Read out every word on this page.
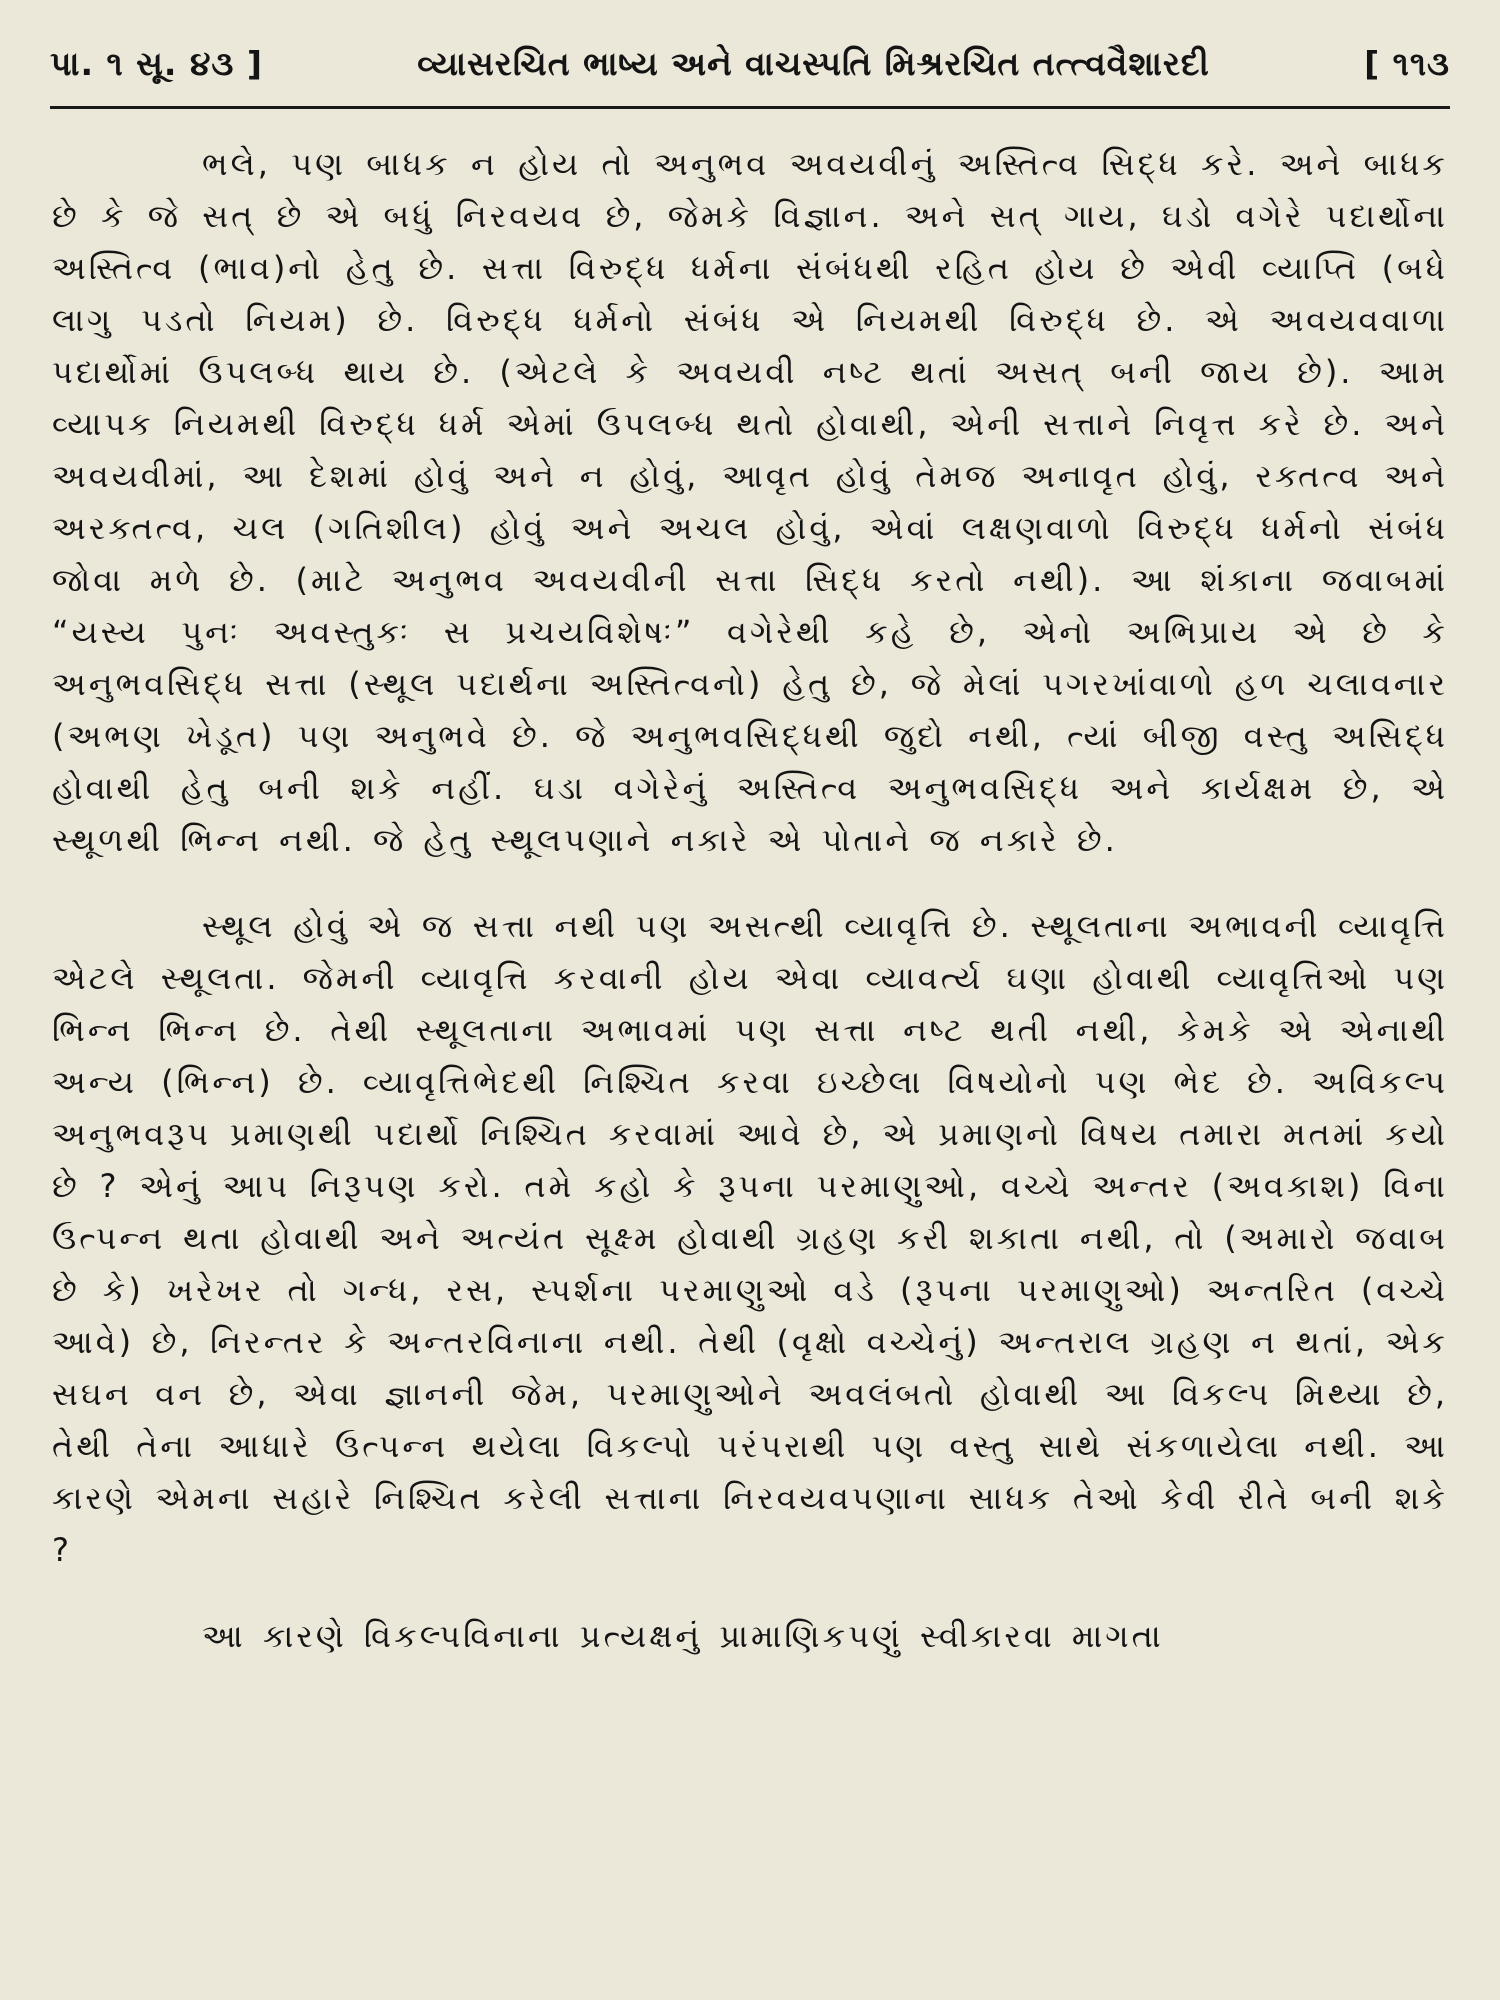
પા. ૧ સૂ. ૪૩ ]	વ્યાસરચિત ભાષ્ય અને વાચસ્પતિ મિશ્રરચિત તત્ત્વવૈશારદી	[ ૧૧૩

ભલે, પણ બાધક ન હોય તો અનુભવ અવયવીનું અસ્તિત્વ સિદ્ધ કરે. અને બાધક છે કે જે સત્ છે એ બધું નિરવયવ છે, જેમકે વિજ્ઞાન. અને સત્ ગાય, ઘડો વગેરે પદાર્થોના અસ્તિત્વ (ભાવ)નો હેતુ છે. સત્તા વિરુદ્ધ ધર્મના સંબંધથી રહિત હોય છે એવી વ્યાપ્તિ (બધે લાગુ પડતો નિયમ) છે. વિરુદ્ધ ધર્મનો સંબંધ એ નિયમથી વિરુદ્ધ છે. એ અવયવવાળા પદાર્થોમાં ઉપલબ્ધ થાય છે. (એટલે કે અવયવી નષ્ટ થતાં અસત્ બની જાય છે). આમ વ્યાપક નિયમથી વિરુદ્ધ ધર્મ એમાં ઉપલબ્ધ થતો હોવાથી, એની સત્તાને નિવૃત્ત કરે છે. અને અવયવીમાં, આ દેશમાં હોવું અને ન હોવું, આવૃત હોવું તેમજ અનાવૃત હોવું, રક્તત્વ અને અરક્તત્વ, ચલ (ગતિશીલ) હોવું અને અચલ હોવું, એવાં લક્ષણવાળો વિરુદ્ધ ધર્મનો સંબંધ જોવા મળે છે. (માટે અનુભવ અવયવીની સત્તા સિદ્ધ કરતો નથી). આ શંકાના જવાબમાં “યસ્ય પુનઃ અવસ્તુકઃ સ પ્રચયવિશેષઃ” વગેરેથી કહે છે, એનો અભિપ્રાય એ છે કે અનુભવસિદ્ધ સત્તા (સ્થૂલ પદાર્થના અસ્તિત્વનો) હેતુ છે, જે મેલાં પગરખાંવાળો હળ ચલાવનાર (અભણ ખેડૂત) પણ અનુભવે છે. જે અનુભવસિદ્ધથી જુદો નથી, ત્યાં બીજી વસ્તુ અસિદ્ધ હોવાથી હેતુ બની શકે નહીં. ઘડા વગેરેનું અસ્તિત્વ અનુભવસિદ્ધ અને કાર્યક્ષમ છે, એ સ્થૂળથી ભિન્ન નથી. જે હેતુ સ્થૂલપણાને નકારે એ પોતાને જ નકારે છે.

સ્થૂલ હોવું એ જ સત્તા નથી પણ અસત્થી વ્યાવૃત્તિ છે. સ્થૂલતાના અભાવની વ્યાવૃત્તિ એટલે સ્થૂલતા. જેમની વ્યાવૃત્તિ કરવાની હોય એવા વ્યાવર્ત્ય ઘણા હોવાથી વ્યાવૃત્તિઓ પણ ભિન્ન ભિન્ન છે. તેથી સ્થૂલતાના અભાવમાં પણ સત્તા નષ્ટ થતી નથી, કેમકે એ એનાથી અન્ય (ભિન્ન) છે. વ્યાવૃત્તિભેદથી નિશ્ચિત કરવા ઇચ્છેલા વિષયોનો પણ ભેદ છે. અવિકલ્પ અનુભવરૂપ પ્રમાણથી પદાર્થો નિશ્ચિત કરવામાં આવે છે, એ પ્રમાણનો વિષય તમારા મતમાં કયો છે ? એનું આપ નિરૂપણ કરો. તમે કહો કે રૂપના પરમાણુઓ, વચ્ચે અન્તર (અવકાશ) વિના ઉત્પન્ન થતા હોવાથી અને અત્યંત સૂક્ષ્મ હોવાથી ગ્રહણ કરી શકાતા નથી, તો (અમારો જવાબ છે કે) ખરેખર તો ગન્ધ, રસ, સ્પર્શના પરમાણુઓ વડે (રૂપના પરમાણુઓ) અન્તરિત (વચ્ચે આવે) છે, નિરન્તર કે અન્તરવિનાના નથી. તેથી (વૃક્ષો વચ્ચેનું) અન્તરાલ ગ્રહણ ન થતાં, એક સઘન વન છે, એવા જ્ઞાનની જેમ, પરમાણુઓને અવલંબતો હોવાથી આ વિકલ્પ મિથ્યા છે, તેથી તેના આધારે ઉત્પન્ન થયેલા વિકલ્પો પરંપરાથી પણ વસ્તુ સાથે સંકળાયેલા નથી. આ કારણે એમના સહારે નિશ્ચિત કરેલી સત્તાના નિરવયવપણાના સાધક તેઓ કેવી રીતે બની શકે ?

આ કારણે વિકલ્પવિનાના પ્રત્યક્ષનું પ્રામાણિકપણું સ્વીકારવા માગતા
